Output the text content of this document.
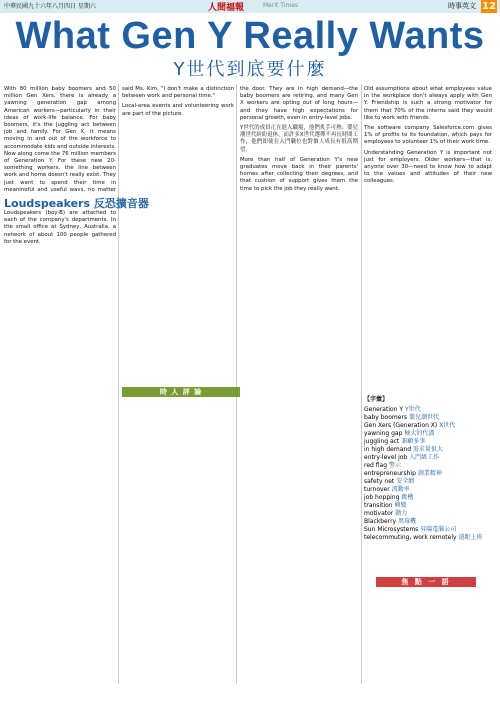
中華民國九十六年八月四日 星期六	人間福報	Merit Times	時事英文 12
What Gen Y Really Wants
Y世代到底要什麼

With 80 million baby boomers and 50 million Gen Xers, there is already a yawning generation gap among American workers—particularly in their ideas of work-life balance. For baby boomers, it's the juggling act between job and family. For Gen X, it means moving in and out of the workforce to accommodate kids and outside interests. Now along come the 76 million members of Generation Y. For these new 20-something workers, the line between work and home doesn't really exist. They just want to spend their time in meaningful and useful ways, no matter

Loudspeakers 反恐擴音器

Loudspeakers (boy-B) are attached to each of the company's departments. In the small office at Sydney, Australia, a network of about 100 people gathered for the event.

said Ms. Kim. "I don't make a distinction between work and personal time."

Local-area events and volunteering work are part of the picture.

時 人 評 論

the door. They are in high demand—the baby boomers are retiring, and many Gen X workers are opting out of long hours—and they have high expectations for personal growth, even in entry-level jobs.

Y世代的成員正在進入職場，他們炙手可熱；嬰兒潮世代紛紛退休，而許多X世代選擇不再長時間工作，他們即使在入門職位也對個人成長有很高期望。

More than half of Generation Y's new graduates move back in their parents' homes after collecting their degrees, and that cushion of support gives them the time to pick the job they really want.

Old assumptions about what employees value in the workplace don't always apply with Gen Y. Friendship is such a strong motivator for them that 70% of the interns said they would like to work with friends.

The software company Salesforce.com gives 1% of profits to its foundation, which pays for employees to volunteer 1% of their work time.

Understanding Generation Y is important not just for employers. Older workers—that is, anyone over 30—need to know how to adapt to the values and attitudes of their new colleagues.

【字彙】
Generation Y Y世代
baby boomers 嬰兒潮世代
Gen Xers (Generation X) X世代
yawning gap 極大的代溝
juggling act 兼顧多事
in high demand 需求量很大
entry-level job 入門級工作
red flag 警示
entrepreneurship 創業精神
safety net 安全網
turnover 流動率
job hopping 跳槽
transition 轉變
motivator 動力
Blackberry 黑莓機
Sun Microsystems 昇陽電腦公司
telecommuting, work remotely 遠距上班
焦 點 一 語
